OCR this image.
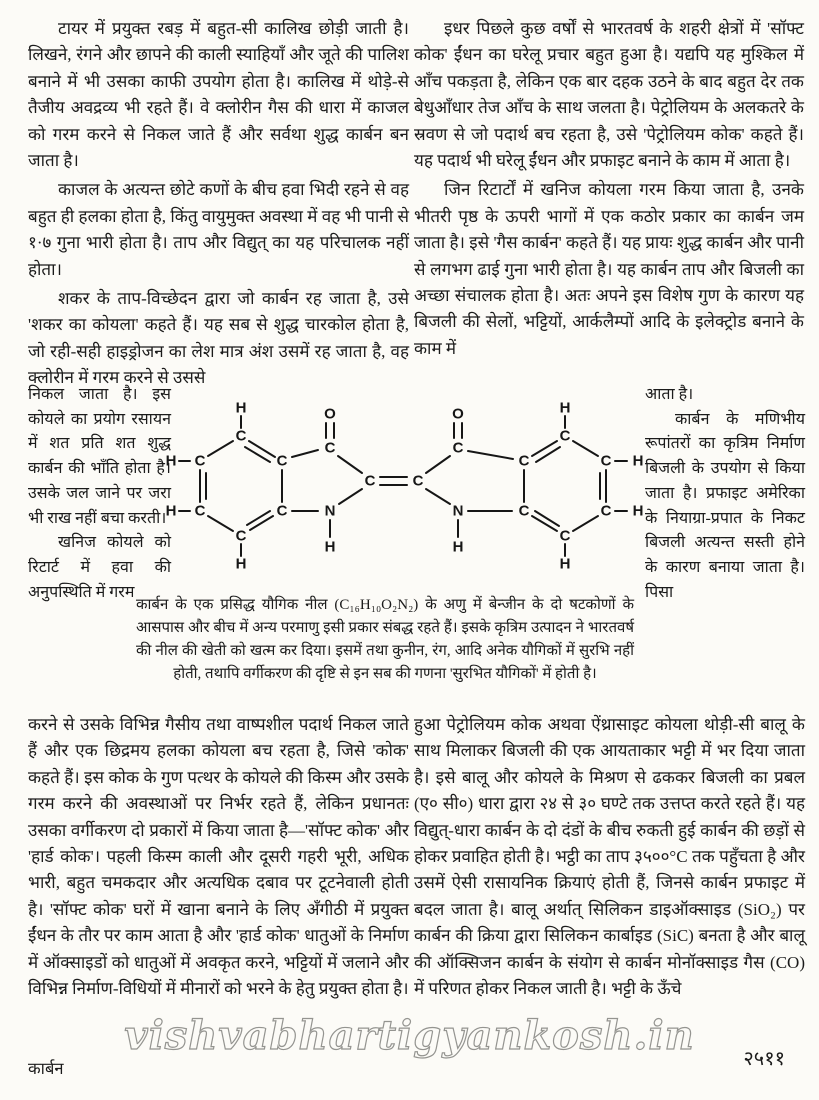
टायर में प्रयुक्त रबड़ में बहुत-सी कालिख छोड़ी जाती है। लिखने, रंगने और छापने की काली स्याहियाँ और जूते की पालिश बनाने में भी उसका काफी उपयोग होता है। कालिख में थोड़े-से तैजीय अवद्रव्य भी रहते हैं। वे क्लोरीन गैस की धारा में काजल को गरम करने से निकल जाते हैं और सर्वथा शुद्ध कार्बन बन जाता है।

काजल के अत्यन्त छोटे कणों के बीच हवा भिदी रहने से वह बहुत ही हलका होता है, किंतु वायुमुक्त अवस्था में वह भी पानी से १·७ गुना भारी होता है। ताप और विद्युत् का यह परिचालक नहीं होता।

शकर के ताप-विच्छेदन द्वारा जो कार्बन रह जाता है, उसे 'शकर का कोयला' कहते हैं। यह सब से शुद्ध चारकोल होता है, जो रही-सही हाइड्रोजन का लेश मात्र अंश उसमें रह जाता है, वह क्लोरीन में गरम करने से उससे

इधर पिछले कुछ वर्षों से भारतवर्ष के शहरी क्षेत्रों में 'सॉफ्ट कोक' ईंधन का घरेलू प्रचार बहुत हुआ है। यद्यपि यह मुश्किल में आँच पकड़ता है, लेकिन एक बार दहक उठने के बाद बहुत देर तक बेधुआँधार तेज आँच के साथ जलता है। पेट्रोलियम के अलकतरे के स्रवण से जो पदार्थ बच रहता है, उसे 'पेट्रोलियम कोक' कहते हैं। यह पदार्थ भी घरेलू ईंधन और प्रफाइट बनाने के काम में आता है।

जिन रिटार्टों में खनिज कोयला गरम किया जाता है, उनके भीतरी पृष्ठ के ऊपरी भागों में एक कठोर प्रकार का कार्बन जम जाता है। इसे 'गैस कार्बन' कहते हैं। यह प्रायः शुद्ध कार्बन और पानी से लगभग ढाई गुना भारी होता है। यह कार्बन ताप और बिजली का अच्छा संचालक होता है। अतः अपने इस विशेष गुण के कारण यह बिजली की सेलों, भट्टियों, आर्कलैम्पों आदि के इलेक्ट्रोड बनाने के काम में

निकल जाता है। इस कोयले का प्रयोग रसायन में शत प्रति शत शुद्ध कार्बन की भाँति होता है। उसके जल जाने पर जरा भी राख नहीं बचा करती।

खनिज कोयले को रिटार्ट में हवा की अनुपस्थिति में गरम

H
C
H C
H C
C
H
C
C
C
O
N
H
C C
C
O
N
H
C
C
C
H
C
H
C H
C H

आता है।

कार्बन के मणिभीय रूपांतरों का कृत्रिम निर्माण बिजली के उपयोग से किया जाता है। प्रफाइट अमेरिका के नियाग्रा-प्रपात के निकट बिजली अत्यन्त सस्ती होने के कारण बनाया जाता है। पिसा

कार्बन के एक प्रसिद्ध यौगिक नील (C₁₆H₁₀O₂N₂) के अणु में बेन्जीन के दो षटकोणों के आसपास और बीच में अन्य परमाणु इसी प्रकार संबद्ध रहते हैं। इसके कृत्रिम उत्पादन ने भारतवर्ष की नील की खेती को खत्म कर दिया। इसमें तथा कुनीन, रंग, आदि अनेक यौगिकों में सुरभि नहीं होती, तथापि वर्गीकरण की दृष्टि से इन सब की गणना 'सुरभित यौगिकों' में होती है।

करने से उसके विभिन्न गैसीय तथा वाष्पशील पदार्थ निकल जाते हैं और एक छिद्रमय हलका कोयला बच रहता है, जिसे 'कोक' कहते हैं। इस कोक के गुण पत्थर के कोयले की किस्म और उसके गरम करने की अवस्थाओं पर निर्भर रहते हैं, लेकिन प्रधानतः उसका वर्गीकरण दो प्रकारों में किया जाता है—'सॉफ्ट कोक' और 'हार्ड कोक'। पहली किस्म काली और दूसरी गहरी भूरी, अधिक भारी, बहुत चमकदार और अत्यधिक दबाव पर टूटनेवाली होती है। 'सॉफ्ट कोक' घरों में खाना बनाने के लिए अँगीठी में प्रयुक्त ईंधन के तौर पर काम आता है और 'हार्ड कोक' धातुओं के निर्माण में ऑक्साइडों को धातुओं में अवकृत करने, भट्टियों में जलाने और विभिन्न निर्माण-विधियों में मीनारों को भरने के हेतु प्रयुक्त होता है।

हुआ पेट्रोलियम कोक अथवा ऐंथ्रासाइट कोयला थोड़ी-सी बालू के साथ मिलाकर बिजली की एक आयताकार भट्टी में भर दिया जाता है। इसे बालू और कोयले के मिश्रण से ढककर बिजली का प्रबल (ए० सी०) धारा द्वारा २४ से ३० घण्टे तक उत्तप्त करते रहते हैं। यह विद्युत्-धारा कार्बन के दो दंडों के बीच रुकती हुई कार्बन की छड़ों से होकर प्रवाहित होती है। भट्ठी का ताप ३५००°C तक पहुँचता है और उसमें ऐसी रासायनिक क्रियाएं होती हैं, जिनसे कार्बन प्रफाइट में बदल जाता है। बालू अर्थात् सिलिकन डाइऑक्साइड (SiO₂) पर कार्बन की क्रिया द्वारा सिलिकन कार्बाइड (SiC) बनता है और बालू की ऑक्सिजन कार्बन के संयोग से कार्बन मोनॉक्साइड गैस (CO) में परिणत होकर निकल जाती है। भट्टी के ऊँचे

vishvabhartigyankosh.in
कार्बन	२५११
